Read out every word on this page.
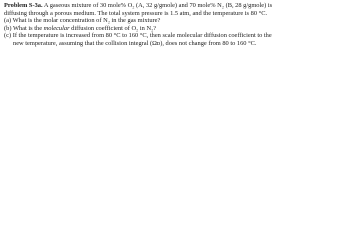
Problem S-3a. A gaseous mixture of 30 mole% O₂ (A, 32 g/gmole) and 70 mole% N₂ (B, 28 g/gmole) is
diffusing through a porous medium. The total system pressure is 1.5 atm, and the temperature is 80 °C.

(a) What is the molar concentration of N₂ in the gas mixture?
(b) What is the molecular diffusion coefficient of O₂ in N₂?
(c) If the temperature is increased from 80 °C to 160 °C, then scale molecular diffusion coefficient to the
new temperature, assuming that the collision integral (Ωᴅ), does not change from 80 to 160 °C.
